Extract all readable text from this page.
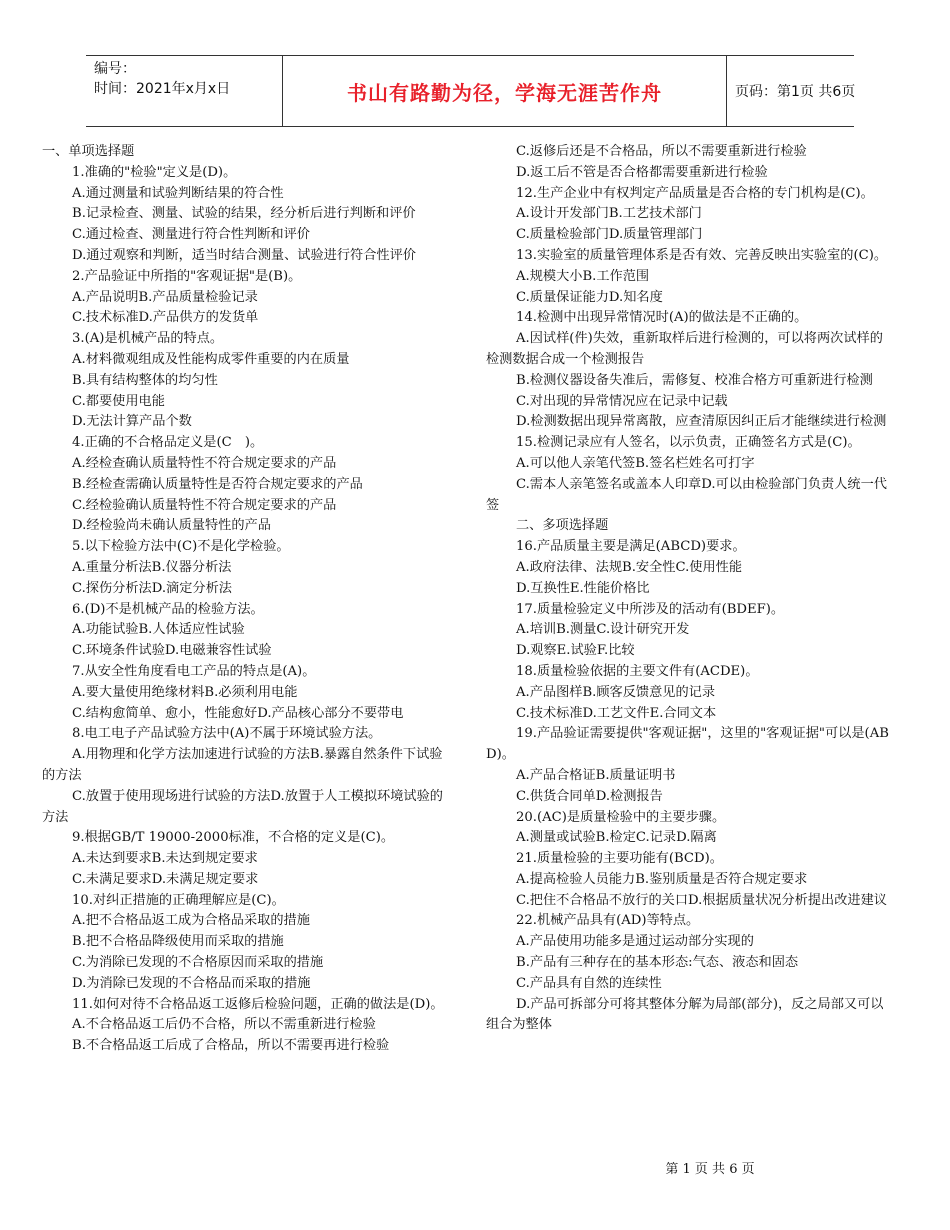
编号：
时间：2021年x月x日	书山有路勤为径，学海无涯苦作舟	页码：第1页 共6页
一、单项选择题
1.准确的"检验"定义是(D)。
A.通过测量和试验判断结果的符合性
B.记录检查、测量、试验的结果，经分析后进行判断和评价
C.通过检查、测量进行符合性判断和评价
D.通过观察和判断，适当时结合测量、试验进行符合性评价
2.产品验证中所指的"客观证据"是(B)。
A.产品说明B.产品质量检验记录
C.技术标准D.产品供方的发货单
3.(A)是机械产品的特点。
A.材料微观组成及性能构成零件重要的内在质量
B.具有结构整体的均匀性
C.都要使用电能
D.无法计算产品个数
4.正确的不合格品定义是(C　)。
A.经检查确认质量特性不符合规定要求的产品
B.经检查需确认质量特性是否符合规定要求的产品
C.经检验确认质量特性不符合规定要求的产品
D.经检验尚未确认质量特性的产品
5.以下检验方法中(C)不是化学检验。
A.重量分析法B.仪器分析法
C.探伤分析法D.滴定分析法
6.(D)不是机械产品的检验方法。
A.功能试验B.人体适应性试验
C.环境条件试验D.电磁兼容性试验
7.从安全性角度看电工产品的特点是(A)。
A.要大量使用绝缘材料B.必须利用电能
C.结构愈简单、愈小，性能愈好D.产品核心部分不要带电
8.电工电子产品试验方法中(A)不属于环境试验方法。
A.用物理和化学方法加速进行试验的方法B.暴露自然条件下试验的方法
C.放置于使用现场进行试验的方法D.放置于人工模拟环境试验的方法
9.根据GB/T 19000-2000标准，不合格的定义是(C)。
A.未达到要求B.未达到规定要求
C.未满足要求D.未满足规定要求
10.对纠正措施的正确理解应是(C)。
A.把不合格品返工成为合格品采取的措施
B.把不合格品降级使用而采取的措施
C.为消除已发现的不合格原因而采取的措施
D.为消除已发现的不合格品而采取的措施
11.如何对待不合格品返工返修后检验问题，正确的做法是(D)。
A.不合格品返工后仍不合格，所以不需重新进行检验
B.不合格品返工后成了合格品，所以不需要再进行检验
C.返修后还是不合格品，所以不需要重新进行检验
D.返工后不管是否合格都需要重新进行检验
12.生产企业中有权判定产品质量是否合格的专门机构是(C)。
A.设计开发部门B.工艺技术部门
C.质量检验部门D.质量管理部门
13.实验室的质量管理体系是否有效、完善反映出实验室的(C)。
A.规模大小B.工作范围
C.质量保证能力D.知名度
14.检测中出现异常情况时(A)的做法是不正确的。
A.因试样(件)失效，重新取样后进行检测的，可以将两次试样的检测数据合成一个检测报告
B.检测仪器设备失准后，需修复、校准合格方可重新进行检测
C.对出现的异常情况应在记录中记载
D.检测数据出现异常离散，应查清原因纠正后才能继续进行检测
15.检测记录应有人签名，以示负责，正确签名方式是(C)。
A.可以他人亲笔代签B.签名栏姓名可打字
C.需本人亲笔签名或盖本人印章D.可以由检验部门负责人统一代签
二、多项选择题
16.产品质量主要是满足(ABCD)要求。
A.政府法律、法规B.安全性C.使用性能
D.互换性E.性能价格比
17.质量检验定义中所涉及的活动有(BDEF)。
A.培训B.测量C.设计研究开发
D.观察E.试验F.比较
18.质量检验依据的主要文件有(ACDE)。
A.产品图样B.顾客反馈意见的记录
C.技术标准D.工艺文件E.合同文本
19.产品验证需要提供"客观证据"，这里的"客观证据"可以是(ABD)。
A.产品合格证B.质量证明书
C.供货合同单D.检测报告
20.(AC)是质量检验中的主要步骤。
A.测量或试验B.检定C.记录D.隔离
21.质量检验的主要功能有(BCD)。
A.提高检验人员能力B.鉴别质量是否符合规定要求
C.把住不合格品不放行的关口D.根据质量状况分析提出改进建议
22.机械产品具有(AD)等特点。
A.产品使用功能多是通过运动部分实现的
B.产品有三种存在的基本形态:气态、液态和固态
C.产品具有自然的连续性
D.产品可拆部分可将其整体分解为局部(部分)，反之局部又可以组合为整体
第 1 页 共 6 页
